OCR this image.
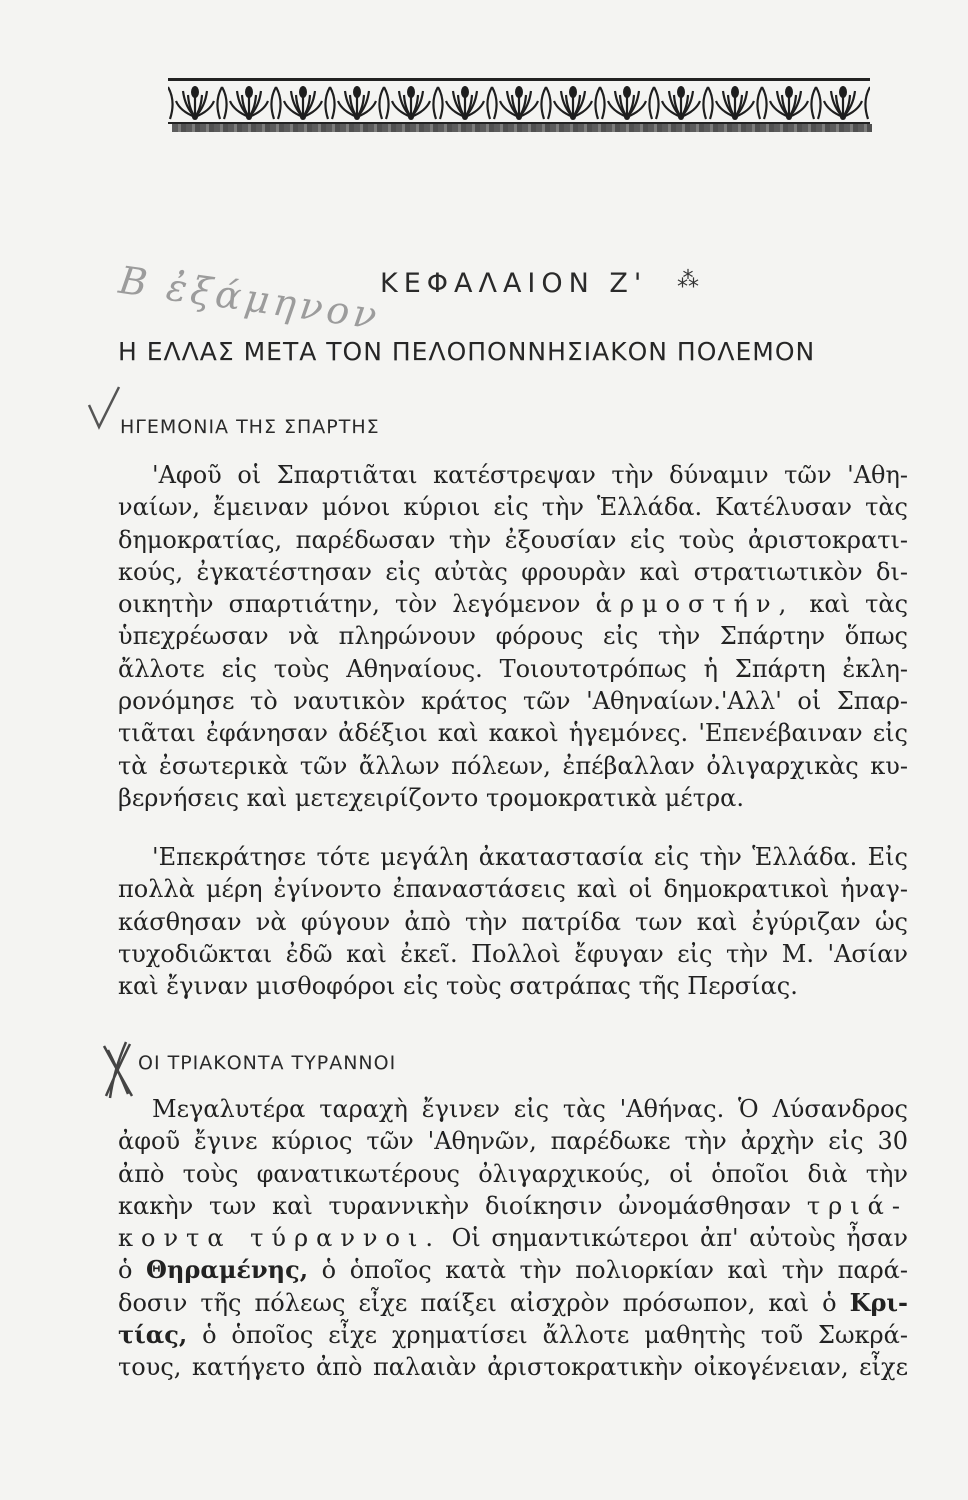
Β ἐξάμηνον
ΚΕΦΑΛΑΙΟΝ Ζ' ⁂
Η ΕΛΛΑΣ ΜΕΤΑ ΤΟΝ ΠΕΛΟΠΟΝΝΗΣΙΑΚΟΝ ΠΟΛΕΜΟΝ
ΗΓΕΜΟΝΙΑ ΤΗΣ ΣΠΑΡΤΗΣ
'Αφοῦ οἱ Σπαρτιᾶται κατέστρεψαν τὴν δύναμιν τῶν 'Αθη-
ναίων, ἔμειναν μόνοι κύριοι εἰς τὴν Ἑλλάδα. Κατέλυσαν τὰς
δημοκρατίας, παρέδωσαν τὴν ἐξουσίαν εἰς τοὺς ἀριστοκρατι-
κούς, ἐγκατέστησαν εἰς αὐτὰς φρουρὰν καὶ στρατιωτικὸν δι-
οικητὴν σπαρτιάτην, τὸν λεγόμενον ἁρμοστήν, καὶ τὰς
ὑπεχρέωσαν νὰ πληρώνουν φόρους εἰς τὴν Σπάρτην ὅπως
ἄλλοτε εἰς τοὺς Αθηναίους. Τοιουτοτρόπως ἡ Σπάρτη ἐκλη-
ρονόμησε τὸ ναυτικὸν κράτος τῶν 'Αθηναίων.'Αλλ' οἱ Σπαρ-
τιᾶται ἐφάνησαν ἀδέξιοι καὶ κακοὶ ἡγεμόνες. 'Επενέβαιναν εἰς
τὰ ἐσωτερικὰ τῶν ἄλλων πόλεων, ἐπέβαλλαν ὀλιγαρχικὰς κυ-
βερνήσεις καὶ μετεχειρίζοντο τρομοκρατικὰ μέτρα.
'Επεκράτησε τότε μεγάλη ἀκαταστασία εἰς τὴν Ἑλλάδα. Εἰς
πολλὰ μέρη ἐγίνοντο ἐπαναστάσεις καὶ οἱ δημοκρατικοὶ ἠναγ-
κάσθησαν νὰ φύγουν ἀπὸ τὴν πατρίδα των καὶ ἐγύριζαν ὡς
τυχοδιῶκται ἐδῶ καὶ ἐκεῖ. Πολλοὶ ἔφυγαν εἰς τὴν Μ. 'Ασίαν
καὶ ἔγιναν μισθοφόροι εἰς τοὺς σατράπας τῆς Περσίας.
ΟΙ ΤΡΙΑΚΟΝΤΑ ΤΥΡΑΝΝΟΙ
Μεγαλυτέρα ταραχὴ ἔγινεν εἰς τὰς 'Αθήνας. Ὁ Λύσανδρος
ἀφοῦ ἔγινε κύριος τῶν 'Αθηνῶν, παρέδωκε τὴν ἀρχὴν εἰς 30
ἀπὸ τοὺς φανατικωτέρους ὀλιγαρχικούς, οἱ ὁποῖοι διὰ τὴν
κακὴν των καὶ τυραννικὴν διοίκησιν ὠνομάσθησαν τριά-
κοντα τύραννοι. Οἱ σημαντικώτεροι ἀπ' αὐτοὺς ἦσαν
ὁ Θηραμένης, ὁ ὁποῖος κατὰ τὴν πολιορκίαν καὶ τὴν παρά-
δοσιν τῆς πόλεως εἶχε παίξει αἰσχρὸν πρόσωπον, καὶ ὁ Κρι-
τίας, ὁ ὁποῖος εἶχε χρηματίσει ἄλλοτε μαθητὴς τοῦ Σωκρά-
τους, κατήγετο ἀπὸ παλαιὰν ἀριστοκρατικὴν οἰκογένειαν, εἶχε
